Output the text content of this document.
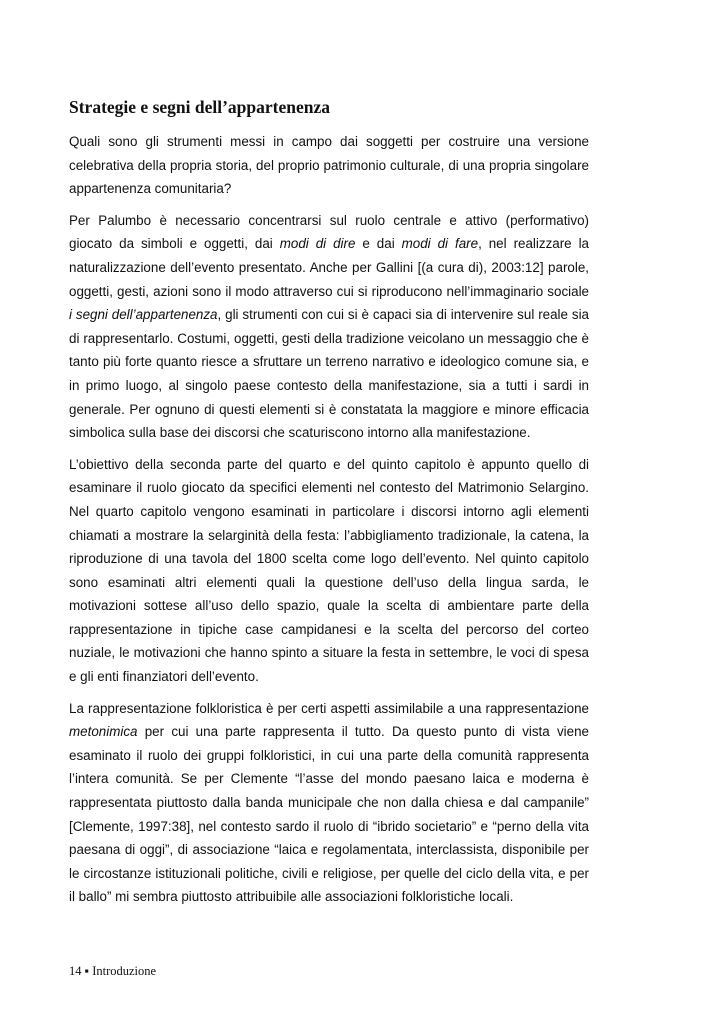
Strategie e segni dell’appartenenza

Quali sono gli strumenti messi in campo dai soggetti per costruire una versione celebrativa della propria storia, del proprio patrimonio culturale, di una propria singolare appartenenza comunitaria?

Per Palumbo è necessario concentrarsi sul ruolo centrale e attivo (performativo) giocato da simboli e oggetti, dai modi di dire e dai modi di fare, nel realizzare la naturalizzazione dell’evento presentato. Anche per Gallini [(a cura di), 2003:12] parole, oggetti, gesti, azioni sono il modo attraverso cui si riproducono nell’immaginario sociale i segni dell’appartenenza, gli strumenti con cui si è capaci sia di intervenire sul reale sia di rappresentarlo. Costumi, oggetti, gesti della tradizione veicolano un messaggio che è tanto più forte quanto riesce a sfruttare un terreno narrativo e ideologico comune sia, e in primo luogo, al singolo paese contesto della manifestazione, sia a tutti i sardi in generale. Per ognuno di questi elementi si è constatata la maggiore e minore efficacia simbolica sulla base dei discorsi che scaturiscono intorno alla manifestazione.

L’obiettivo della seconda parte del quarto e del quinto capitolo è appunto quello di esaminare il ruolo giocato da specifici elementi nel contesto del Matrimonio Selargino. Nel quarto capitolo vengono esaminati in particolare i discorsi intorno agli elementi chiamati a mostrare la selarginità della festa: l’abbigliamento tradizionale, la catena, la riproduzione di una tavola del 1800 scelta come logo dell’evento. Nel quinto capitolo sono esaminati altri elementi quali la questione dell’uso della lingua sarda, le motivazioni sottese all’uso dello spazio, quale la scelta di ambientare parte della rappresentazione in tipiche case campidanesi e la scelta del percorso del corteo nuziale, le motivazioni che hanno spinto a situare la festa in settembre, le voci di spesa e gli enti finanziatori dell’evento.

La rappresentazione folkloristica è per certi aspetti assimilabile a una rappresentazione metonimica per cui una parte rappresenta il tutto. Da questo punto di vista viene esaminato il ruolo dei gruppi folkloristici, in cui una parte della comunità rappresenta l’intera comunità. Se per Clemente “l’asse del mondo paesano laica e moderna è rappresentata piuttosto dalla banda municipale che non dalla chiesa e dal campanile” [Clemente, 1997:38], nel contesto sardo il ruolo di “ibrido societario” e “perno della vita paesana di oggi”, di associazione “laica e regolamentata, interclassista, disponibile per le circostanze istituzionali politiche, civili e religiose, per quelle del ciclo della vita, e per il ballo” mi sembra piuttosto attribuibile alle associazioni folkloristiche locali.

14 ▪ Introduzione
